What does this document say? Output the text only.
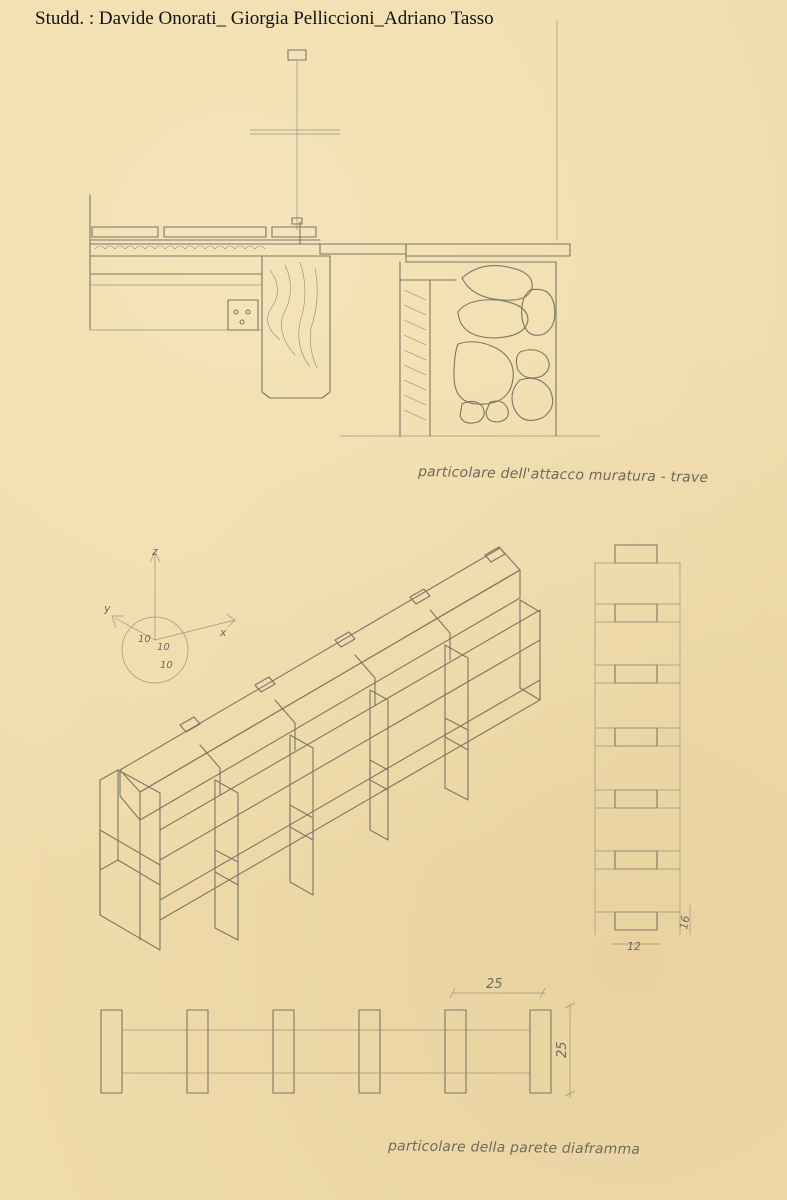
Studd. : Davide Onorati_ Giorgia Pelliccioni_Adriano Tasso
z
x
y
10
10
10
12
16
25
25
particolare dell'attacco muratura - trave
particolare della parete diaframma
